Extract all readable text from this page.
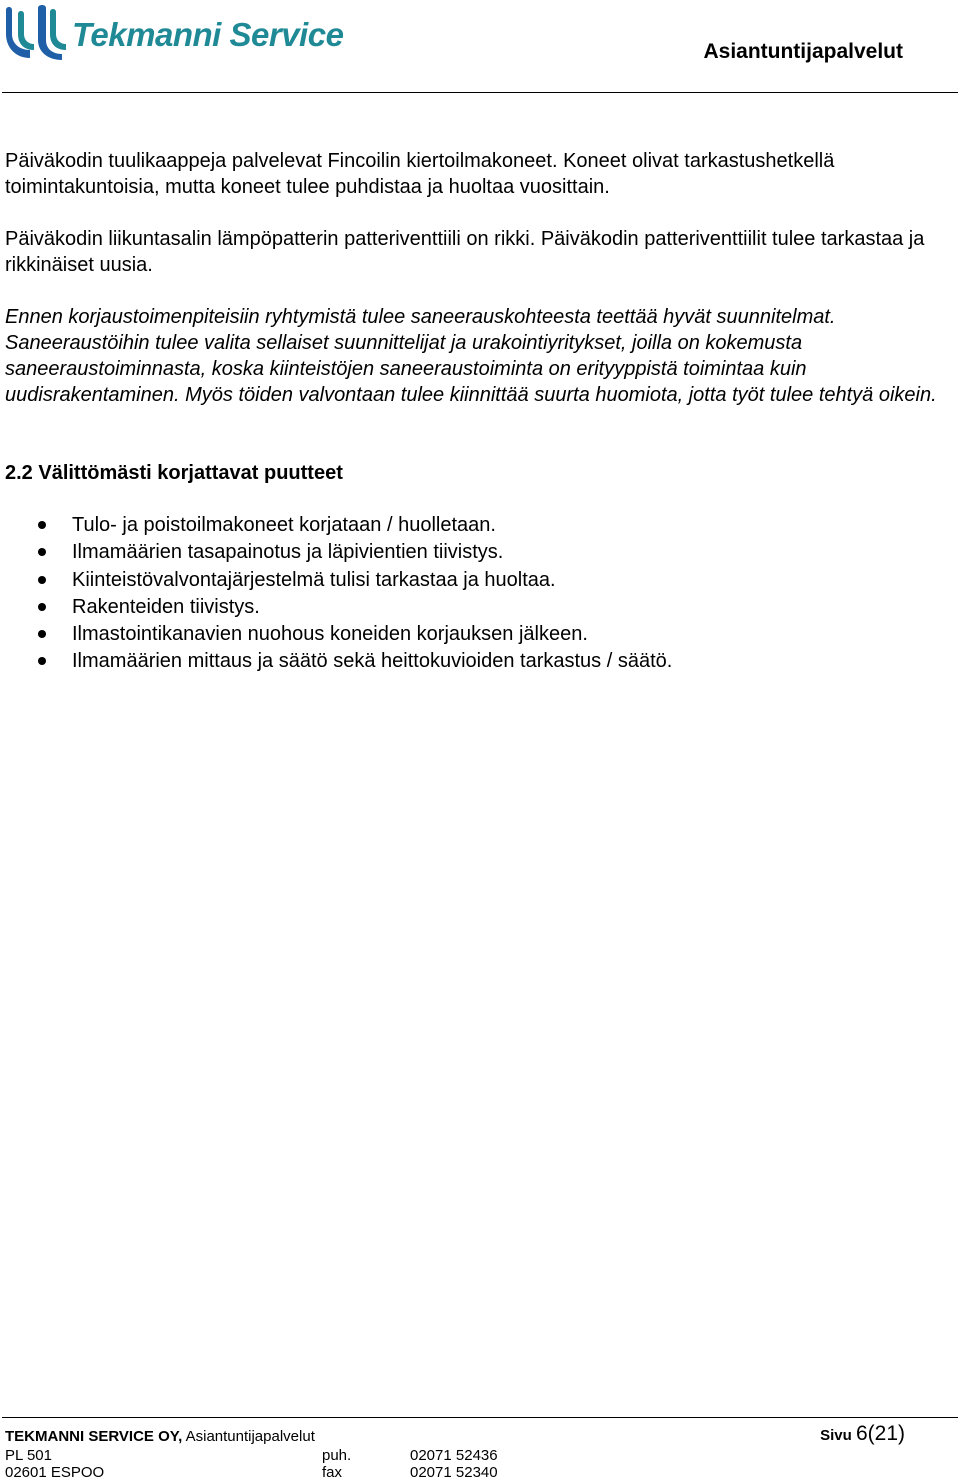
Tekmanni Service	Asiantuntijapalvelut

Päiväkodin tuulikaappeja palvelevat Fincoilin kiertoilmakoneet. Koneet olivat tarkastushetkellä toimintakuntoisia, mutta koneet tulee puhdistaa ja huoltaa vuosittain.

Päiväkodin liikuntasalin lämpöpatterin patteriventtiili on rikki. Päiväkodin patteriventtiilit tulee tarkastaa ja rikkinäiset uusia.

Ennen korjaustoimenpiteisiin ryhtymistä tulee saneerauskohteesta teettää hyvät suunnitelmat. Saneeraustöihin tulee valita sellaiset suunnittelijat ja urakointiyritykset, joilla on kokemusta saneeraustoiminnasta, koska kiinteistöjen saneeraustoiminta on erityyppistä toimintaa kuin uudisrakentaminen. Myös töiden valvontaan tulee kiinnittää suurta huomiota, jotta työt tulee tehtyä oikein.

2.2 Välittömästi korjattavat puutteet
Tulo- ja poistoilmakoneet korjataan / huolletaan.
Ilmamäärien tasapainotus ja läpivientien tiivistys.
Kiinteistövalvontajärjestelmä tulisi tarkastaa ja huoltaa.
Rakenteiden tiivistys.
Ilmastointikanavien nuohous koneiden korjauksen jälkeen.
Ilmamäärien mittaus ja säätö sekä heittokuvioiden tarkastus / säätö.
TEKMANNI SERVICE OY, Asiantuntijapalvelut	Sivu 6(21)
PL 501	puh.	02071 52436
02601 ESPOO	fax	02071 52340
